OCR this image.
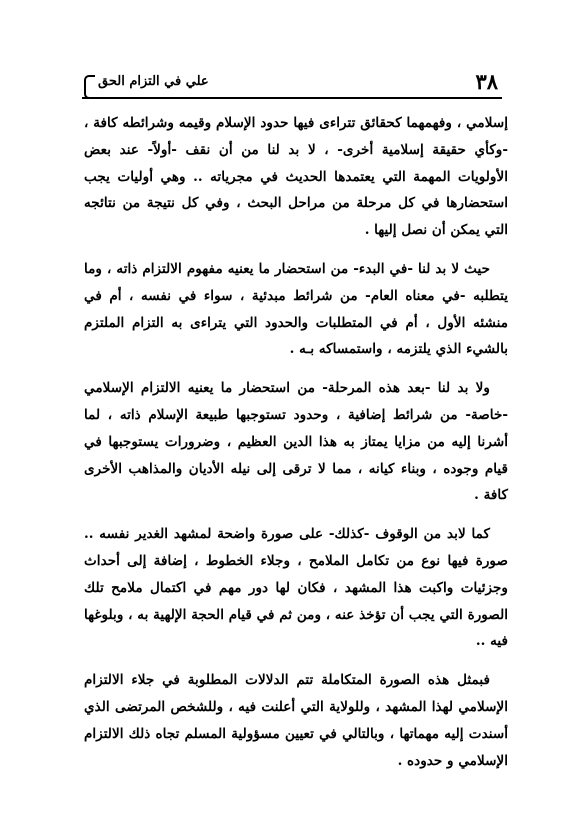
علي في التزام الحق	٣٨

إسلامي ، وفهمهما كحقائق تتراءى فيها حدود الإسلام وقيمه وشرائطه كافة ، -وكأي حقيقة إسلامية أخرى- ، لا بد لنا من أن نقف -أولاً- عند بعض الأولويات المهمة التي يعتمدها الحديث في مجرياته .. وهي أوليات يجب استحضارها في كل مرحلة من مراحل البحث ، وفي كل نتيجة من نتائجه التي يمكن أن نصل إليها .

حيث لا بد لنا -في البدء- من استحضار ما يعنيه مفهوم الالتزام ذاته ، وما يتطلبه -في معناه العام- من شرائط مبدئية ، سواء في نفسه ، أم في منشئه الأول ، أم في المتطلبات والحدود التي يتراءى به التزام الملتزم بالشيء الذي يلتزمه ، واستمساكه بـه .

ولا بد لنا -بعد هذه المرحلة- من استحضار ما يعنيه الالتزام الإسلامي -خاصة- من شرائط إضافية ، وحدود تستوجبها طبيعة الإسلام ذاته ، لما أشرنا إليه من مزايا يمتاز به هذا الدين العظيم ، وضرورات يستوجبها في قيام وجوده ، وبناء كيانه ، مما لا ترقى إلى نيله الأديان والمذاهب الأخرى كافة .

كما لابد من الوقوف -كذلك- على صورة واضحة لمشهد الغدير نفسه .. صورة فيها نوع من تكامل الملامح ، وجلاء الخطوط ، إضافة إلى أحداث وجزئيات واكبت هذا المشهد ، فكان لها دور مهم في اكتمال ملامح تلك الصورة التي يجب أن تؤخذ عنه ، ومن ثم في قيام الحجة الإلهية به ، وبلوغها فيه ..

فبمثل هذه الصورة المتكاملة تتم الدلالات المطلوبة في جلاء الالتزام الإسلامي لهذا المشهد ، وللولاية التي أعلنت فيه ، وللشخص المرتضى الذي أسندت إليه مهماتها ، وبالتالي في تعيين مسؤولية المسلم تجاه ذلك الالتزام الإسلامي و حدوده .
